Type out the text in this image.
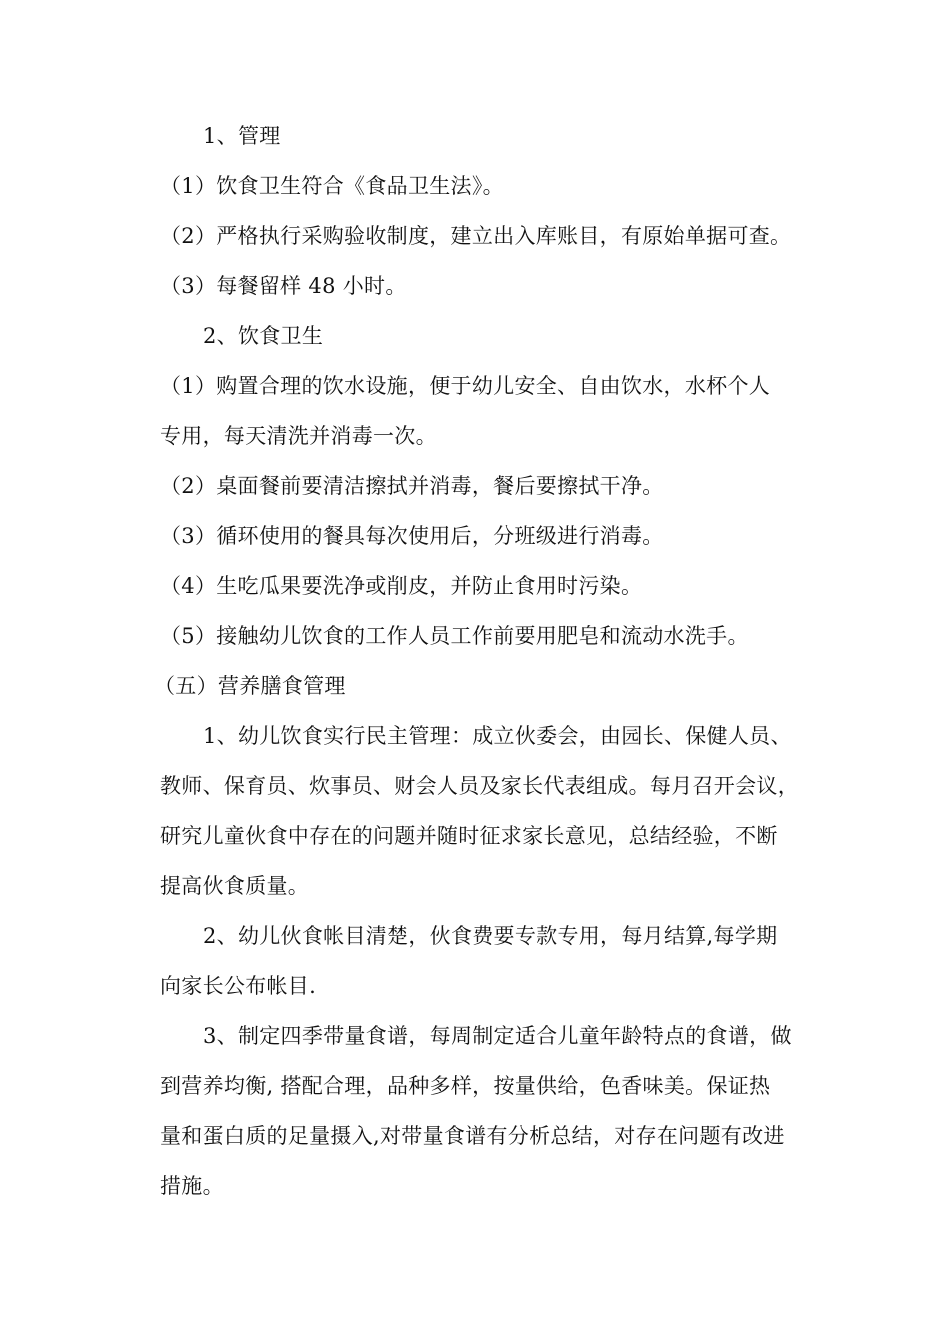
1、管理
（1）饮食卫生符合《食品卫生法》。
（2）严格执行采购验收制度，建立出入库账目，有原始单据可查。
（3）每餐留样 48 小时。
2、饮食卫生
（1）购置合理的饮水设施，便于幼儿安全、自由饮水，水杯个人
专用，每天清洗并消毒一次。
（2）桌面餐前要清洁擦拭并消毒，餐后要擦拭干净。
（3）循环使用的餐具每次使用后，分班级进行消毒。
（4）生吃瓜果要洗净或削皮，并防止食用时污染。
（5）接触幼儿饮食的工作人员工作前要用肥皂和流动水洗手。
（五）营养膳食管理
1、幼儿饮食实行民主管理：成立伙委会，由园长、保健人员、
教师、保育员、炊事员、财会人员及家长代表组成。每月召开会议，
研究儿童伙食中存在的问题并随时征求家长意见，总结经验，不断
提高伙食质量。
2、幼儿伙食帐目清楚，伙食费要专款专用，每月结算,每学期
向家长公布帐目.
3、制定四季带量食谱，每周制定适合儿童年龄特点的食谱，做
到营养均衡, 搭配合理，品种多样，按量供给，色香味美。保证热
量和蛋白质的足量摄入,对带量食谱有分析总结，对存在问题有改进
措施。
